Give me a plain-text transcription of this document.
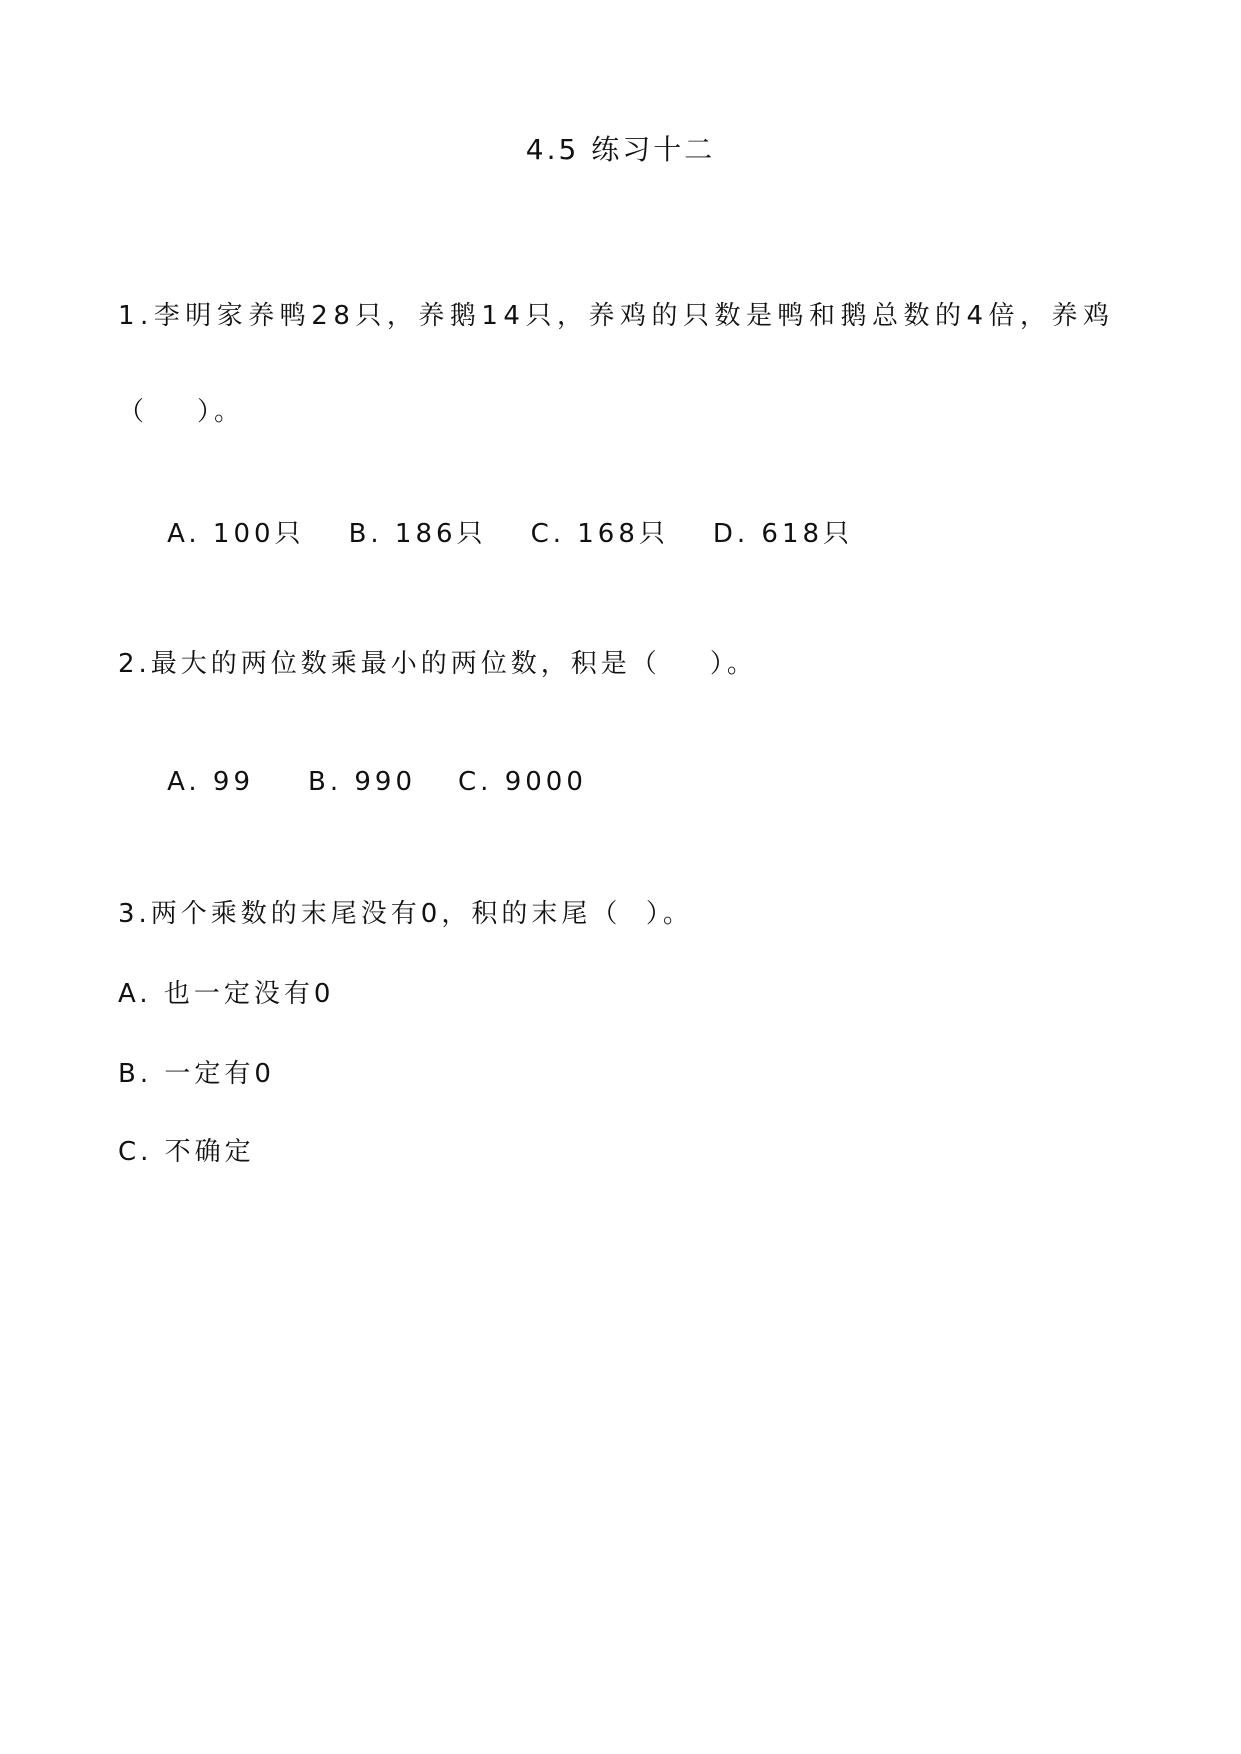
4.5 练习十二
1.李明家养鸭28只，养鹅14只，养鸡的只数是鸭和鹅总数的4倍，养鸡
（    ）。

A. 100只 B. 186只 C. 168只 D. 618只

2.最大的两位数乘最小的两位数，积是（    ）。

A. 99 B. 990 C. 9000

3.两个乘数的末尾没有0，积的末尾（  ）。
A. 也一定没有0
B. 一定有0
C. 不确定
